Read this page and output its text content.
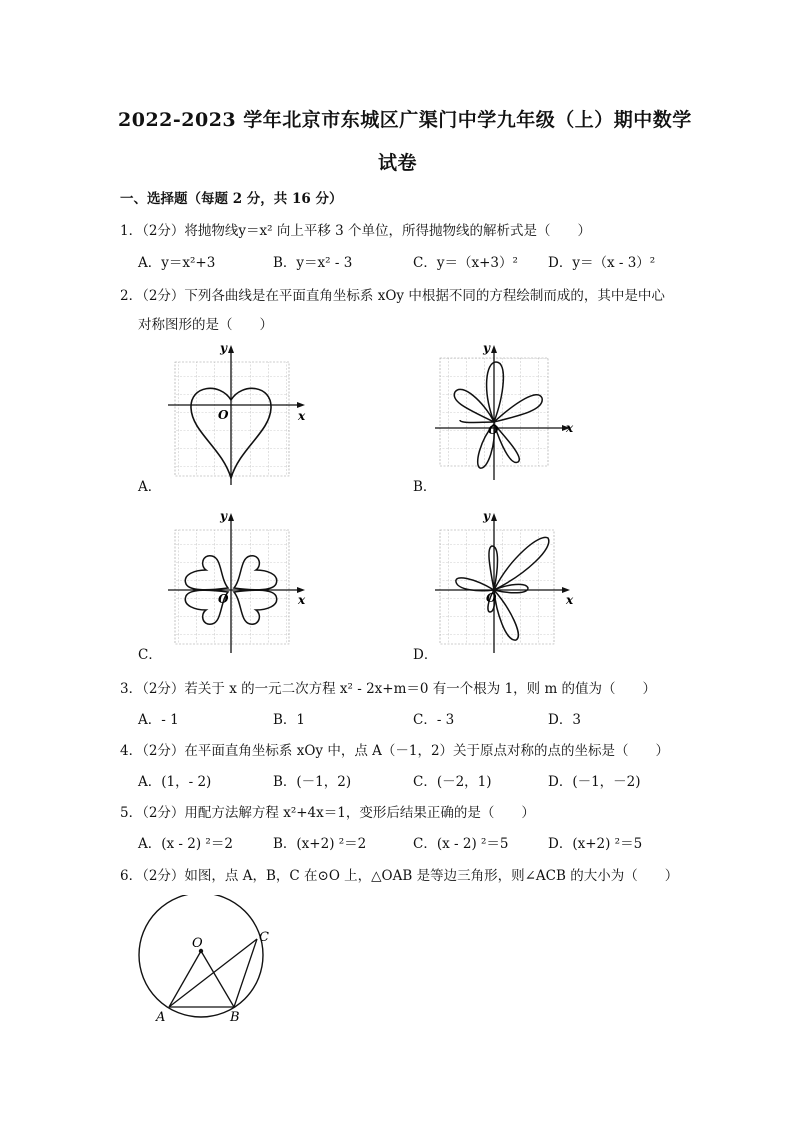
2022-2023 学年北京市东城区广渠门中学九年级（上）期中数学
试卷
一、选择题（每题 2 分，共 16 分）
1．（2分）将抛物线y＝x² 向上平移 3 个单位，所得抛物线的解析式是（　　）
A．y＝x²+3	B．y＝x² - 3	C．y＝（x+3）² D．y＝（x - 3）²
2．（2分）下列各曲线是在平面直角坐标系 xOy 中根据不同的方程绘制而成的，其中是中心
对称图形的是（　　）
A．	B．
C．	D．
y
x
O
y
x
O
y
x
O
y
x
O
3．（2分）若关于 x 的一元二次方程 x² - 2x+m＝0 有一个根为 1，则 m 的值为（　　）
A．- 1	B．1	C．- 3	D．3
4．（2分）在平面直角坐标系 xOy 中，点 A（－1，2）关于原点对称的点的坐标是（　　）
A．(1，- 2)	B．(－1，2)	C．(－2，1)	D．(－1，－2)
5．（2分）用配方法解方程 x²+4x＝1，变形后结果正确的是（　　）
A．(x - 2) ²＝2	B．(x+2) ²＝2	C．(x - 2) ²＝5	D．(x+2) ²＝5
6．（2分）如图，点 A，B，C 在⊙O 上，△OAB 是等边三角形，则∠ACB 的大小为（　　）
O	C
A	B
